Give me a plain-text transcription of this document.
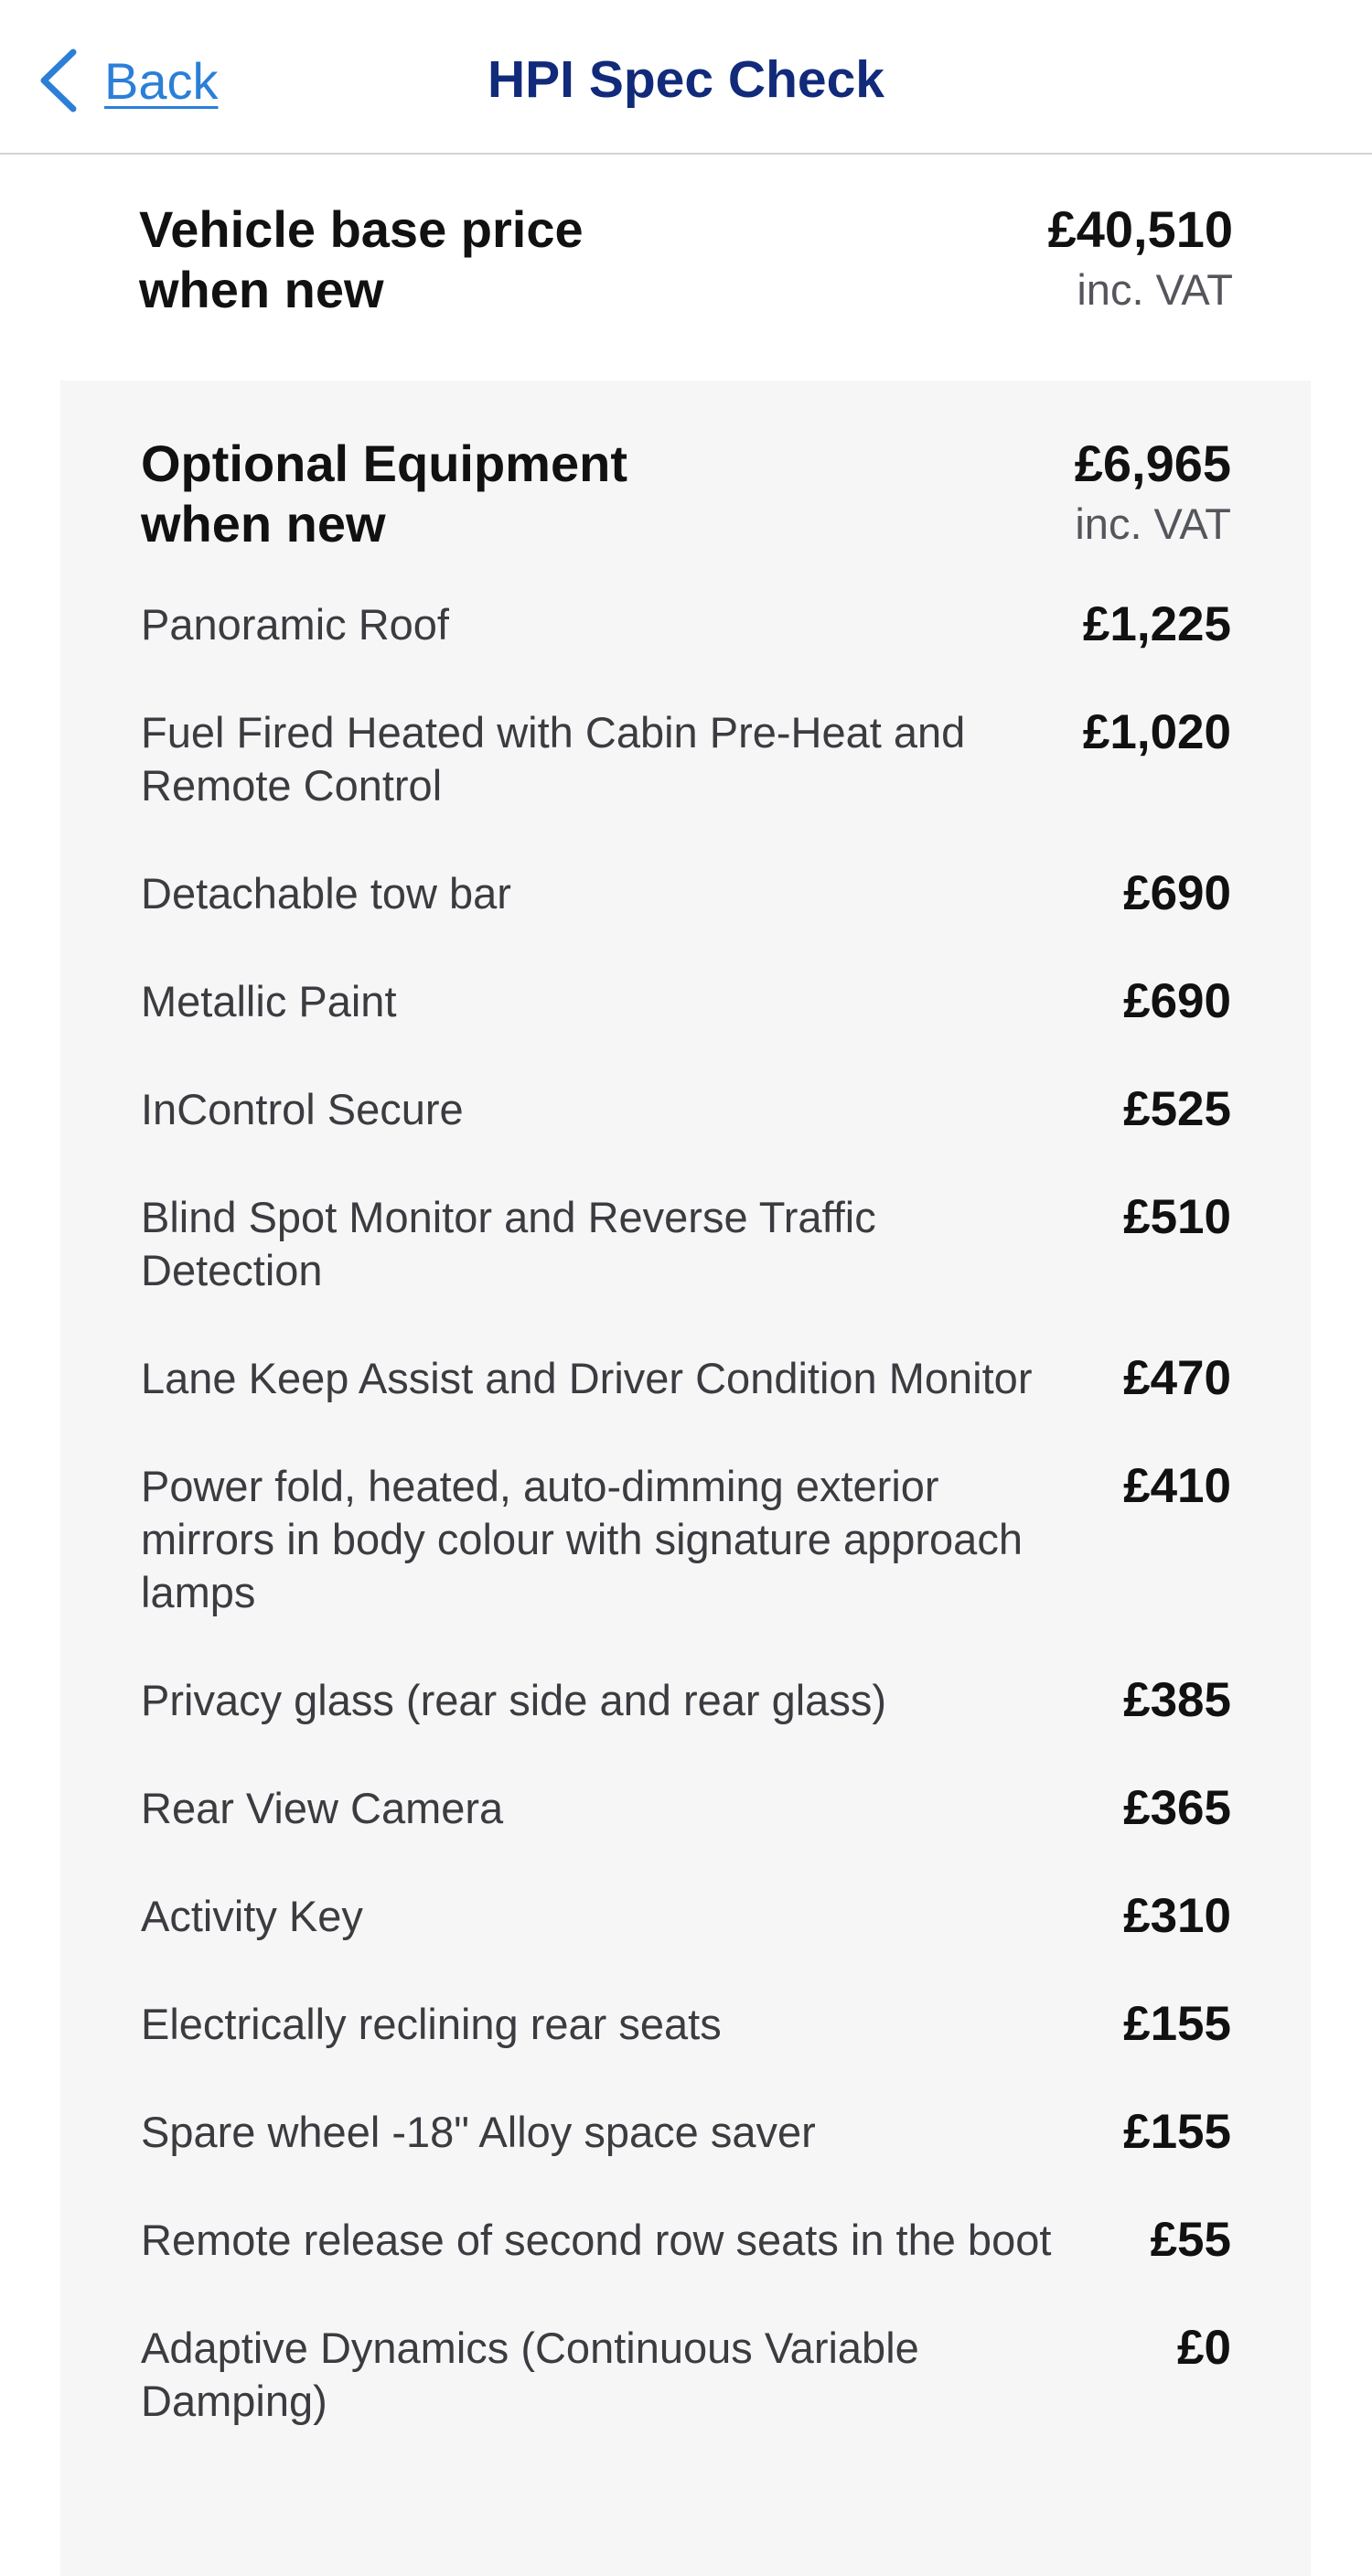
Back	HPI Spec Check
Vehicle base price
when new
£40,510
inc. VAT
Optional Equipment
when new
£6,965
inc. VAT
Panoramic Roof	£1,225
Fuel Fired Heated with Cabin Pre-Heat and Remote Control
£1,020
Detachable tow bar	£690
Metallic Paint	£690
InControl Secure	£525
Blind Spot Monitor and Reverse Traffic Detection
£510
Lane Keep Assist and Driver Condition Monitor	£470
Power fold, heated, auto-dimming exterior mirrors in body colour with signature approach lamps
£410
Privacy glass (rear side and rear glass)	£385
Rear View Camera	£365
Activity Key	£310
Electrically reclining rear seats	£155
Spare wheel -18" Alloy space saver	£155
Remote release of second row seats in the boot £55
Adaptive Dynamics (Continuous Variable Damping)
£0
